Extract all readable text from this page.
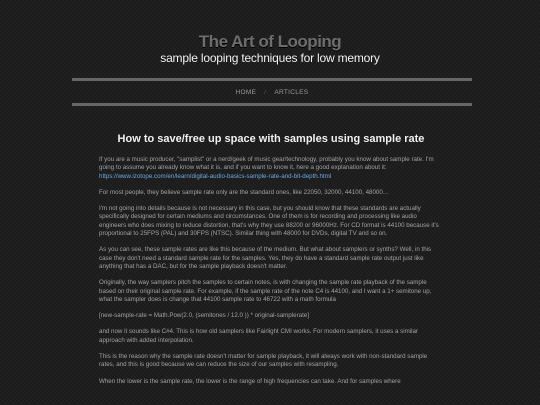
The Art of Looping
sample looping techniques for low memory
HOME	/	ARTICLES
How to save/free up space with samples using sample rate

If you are a music producer, "samplist" or a nerd/geek of music gear/technology, probably you know about sample rate. I'm going to assume you already know what it is, and if you want to know it, here a good explanation about it: https://www.izotope.com/en/learn/digital-audio-basics-sample-rate-and-bit-depth.html

For most people, they believe sample rate only are the standard ones, like 22050, 32000, 44100, 48000…

I'm not going into details because is not necessary in this case, but you should know that these standards are actually specifically designed for certain mediums and circumstances. One of them is for recording and processing like audio engineers who does mixing to reduce distortion, that's why they use 88200 or 96000Hz. For CD format is 44100 because it's proportional to 25FPS (PAL) and 30FPS (NTSC). Similar thing with 48000 for DVDs, digital TV and so on.

As you can see, these sample rates are like this because of the medium. But what about samplers or synths? Well, in this case they don't need a standard sample rate for the samples. Yes, they do have a standard sample rate output just like anything that has a DAC, but for the sample playback doesn't matter.

Originally, the way samplers pitch the samples to certain notes, is with changing the sample rate playback of the sample based on their original sample rate. For example, if the sample rate of the note C4 is 44100, and I want a 1+ semitone up, what the sampler does is change that 44100 sample rate to 46722 with a math formula

[new-sample-rate = Math.Pow(2.0, (semitones / 12.0 )) * original-samplerate]

and now it sounds like C#4. This is how old samplers like Fairlight CMI works. For modern samplers, it uses a similar approach with added interpolation.

This is the reason why the sample rate doesn't matter for sample playback, it will always work with non-standard sample rates, and this is good because we can reduce the size of our samples with resampling.

When the lower is the sample rate, the lower is the range of high frequencies can take. And for samples where
